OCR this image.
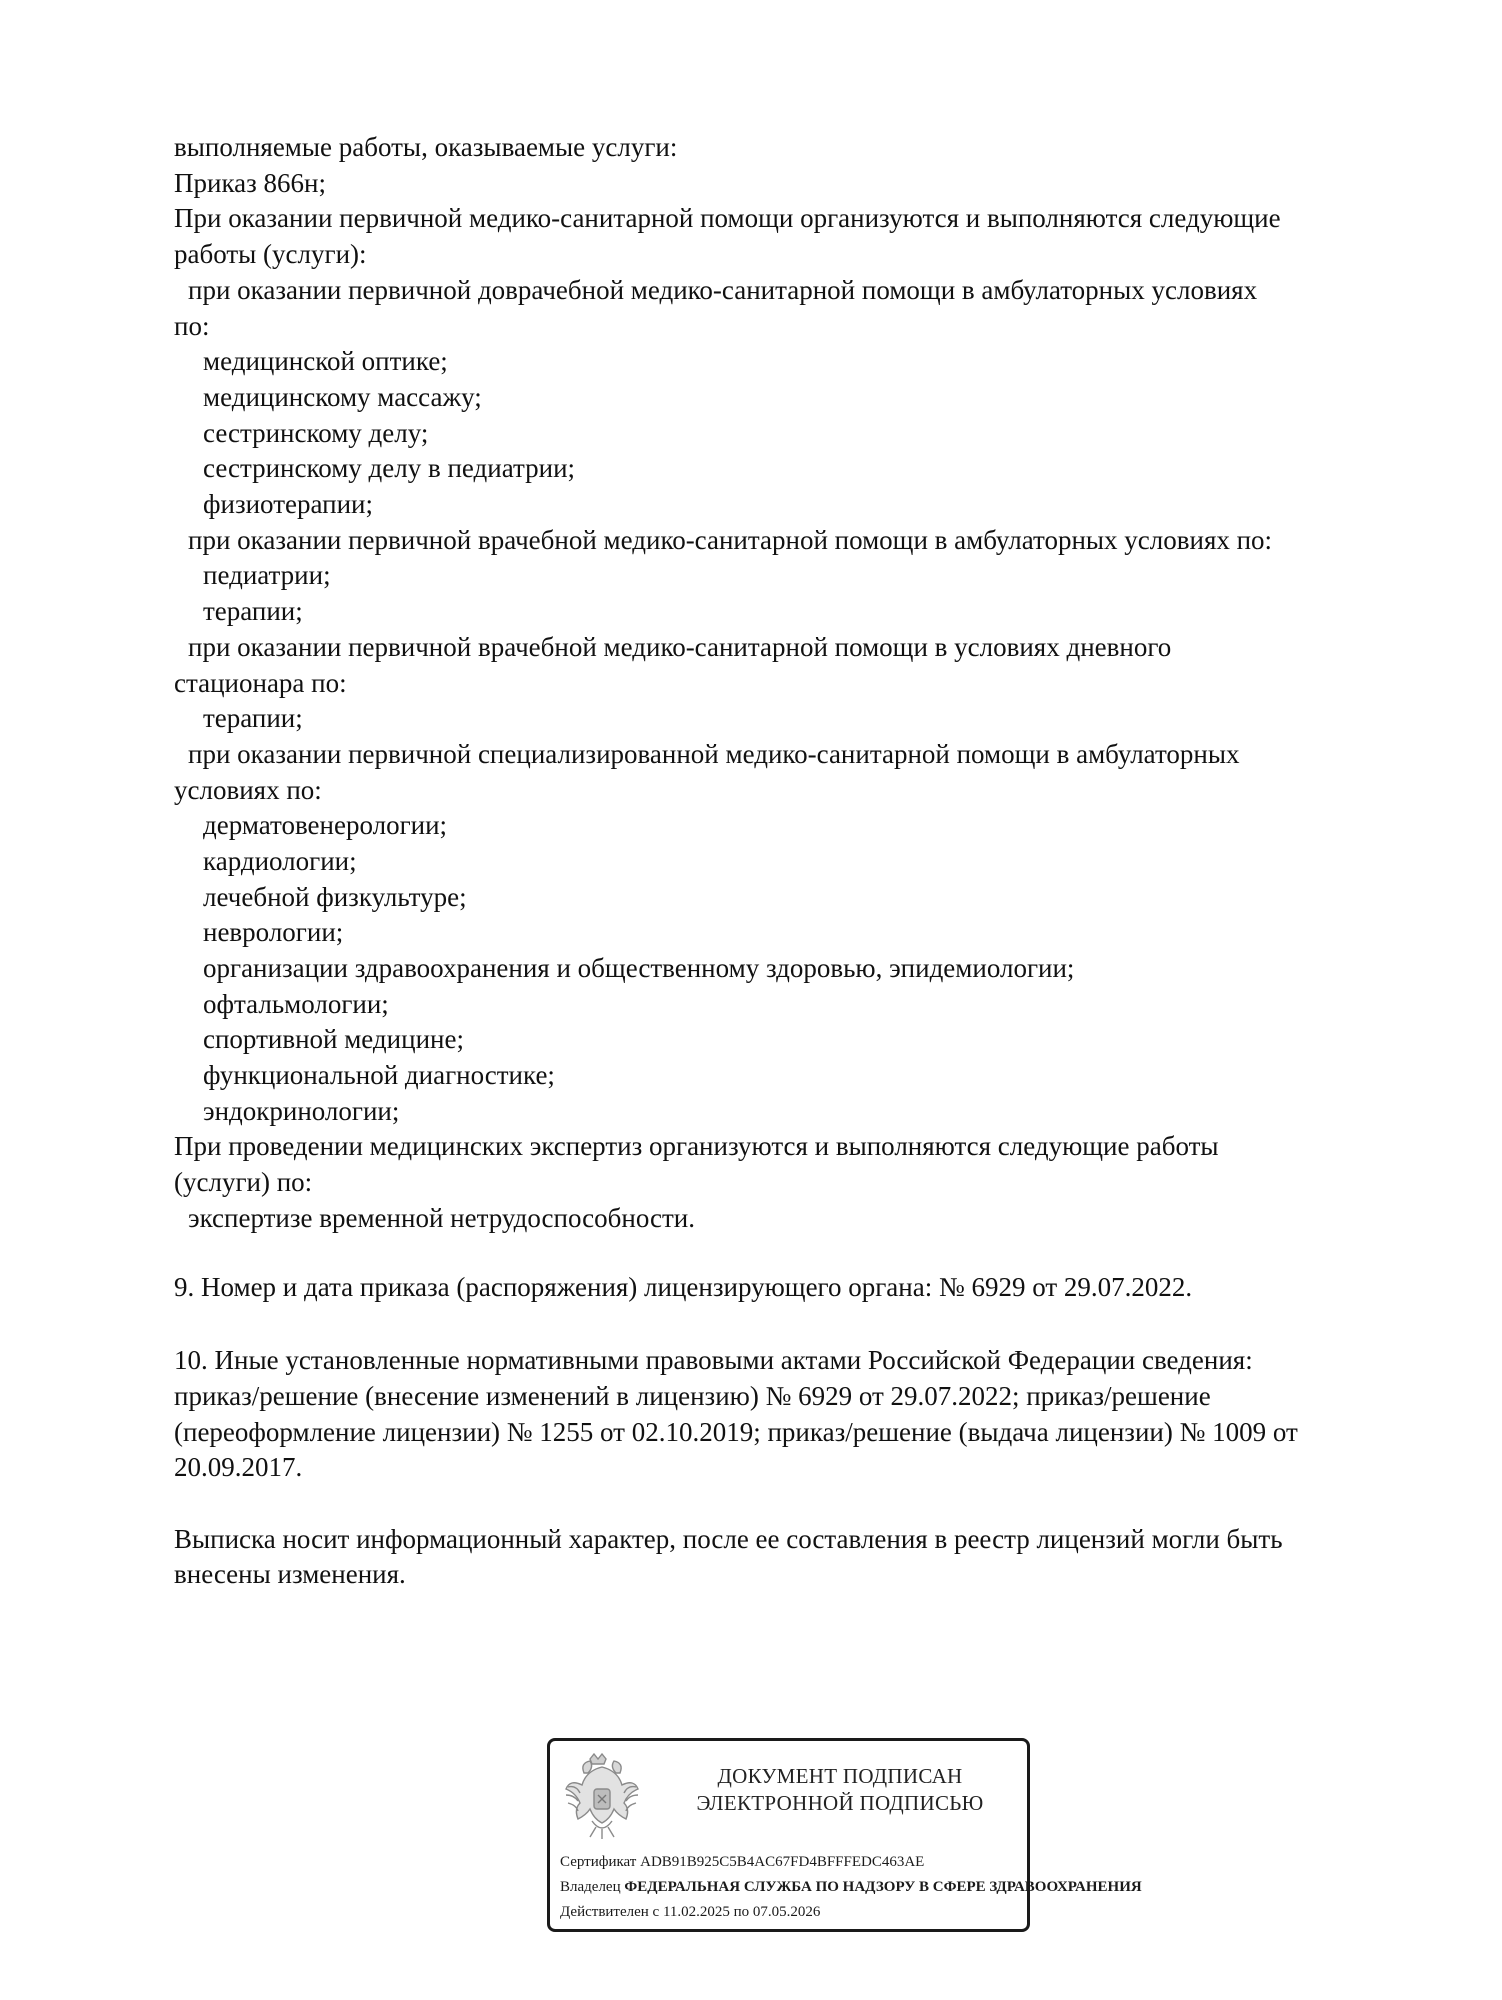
выполняемые работы, оказываемые услуги:
Приказ 866н;
При оказании первичной медико-санитарной помощи организуются и выполняются следующие
работы (услуги):
при оказании первичной доврачебной медико-санитарной помощи в амбулаторных условиях
по:
медицинской оптике;
медицинскому массажу;
сестринскому делу;
сестринскому делу в педиатрии;
физиотерапии;
при оказании первичной врачебной медико-санитарной помощи в амбулаторных условиях по:
педиатрии;
терапии;
при оказании первичной врачебной медико-санитарной помощи в условиях дневного
стационара по:
терапии;
при оказании первичной специализированной медико-санитарной помощи в амбулаторных
условиях по:
дерматовенерологии;
кардиологии;
лечебной физкультуре;
неврологии;
организации здравоохранения и общественному здоровью, эпидемиологии;
офтальмологии;
спортивной медицине;
функциональной диагностике;
эндокринологии;
При проведении медицинских экспертиз организуются и выполняются следующие работы
(услуги) по:
экспертизе временной нетрудоспособности.
9. Номер и дата приказа (распоряжения) лицензирующего органа: № 6929 от 29.07.2022.
10. Иные установленные нормативными правовыми актами Российской Федерации сведения:
приказ/решение (внесение изменений в лицензию) № 6929 от 29.07.2022; приказ/решение
(переоформление лицензии) № 1255 от 02.10.2019; приказ/решение (выдача лицензии) № 1009 от
20.09.2017.
Выписка носит информационный характер, после ее составления в реестр лицензий могли быть
внесены изменения.
ДОКУМЕНТ ПОДПИСАН
ЭЛЕКТРОННОЙ ПОДПИСЬЮ
Сертификат ADB91B925C5B4AC67FD4BFFFEDC463AE
Владелец ФЕДЕРАЛЬНАЯ СЛУЖБА ПО НАДЗОРУ В СФЕРЕ ЗДРАВООХРАНЕНИЯ
Действителен с 11.02.2025 по 07.05.2026
